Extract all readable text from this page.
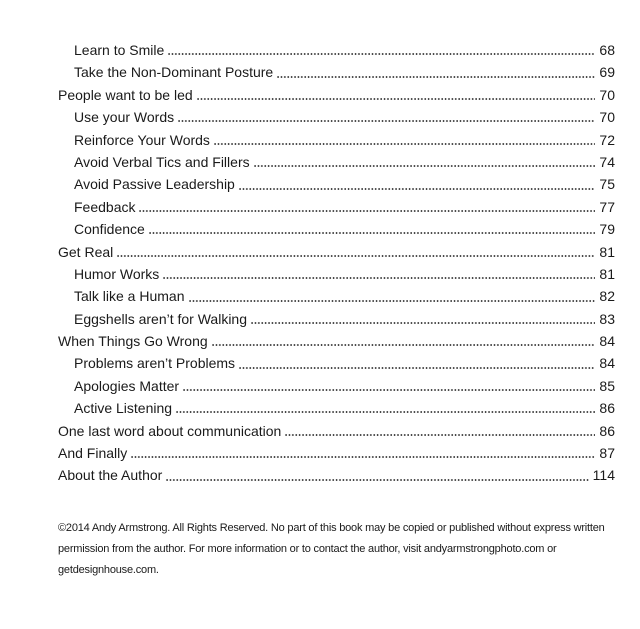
Learn to Smile	68
Take the Non-Dominant Posture	69
People want to be led	70
Use your Words	70
Reinforce Your Words	72
Avoid Verbal Tics and Fillers	74
Avoid Passive Leadership	75
Feedback	77
Confidence	79
Get Real	81
Humor Works	81
Talk like a Human	82
Eggshells aren’t for Walking	83
When Things Go Wrong	84
Problems aren’t Problems	84
Apologies Matter	85
Active Listening	86
One last word about communication	86
And Finally	87
About the Author	114
©2014 Andy Armstrong. All Rights Reserved. No part of this book may be copied or published without express written
permission from the author. For more information or to contact the author, visit andyarmstrongphoto.com or
getdesignhouse.com.
